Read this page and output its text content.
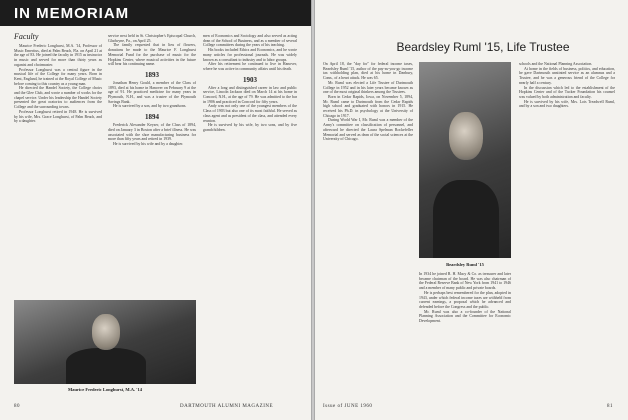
IN MEMORIAM
Faculty

Maurice Frederic Longhurst, M.A. '14, Professor of Music Emeritus, died at Palm Beach, Fla. on April 21 at the age of 83. He joined the faculty in 1915 as instructor in music and served for more than thirty years as organist and choirmaster.

Professor Longhurst was a central figure in the musical life of the College for many years. Born in Kent, England, he trained at the Royal College of Music before coming to this country as a young man.

He directed the Handel Society, the College choirs and the Glee Club, and wrote a number of works for the chapel service. Under his leadership the Handel Society presented the great oratorios to audiences from the College and the surrounding towns.

Professor Longhurst retired in 1948. He is survived by his wife, Mrs. Grace Longhurst, of Palm Beach, and by a daughter.

service next held in St. Christopher's Episcopal Church, Gladwyne, Pa., on April 25.

The family requested that in lieu of flowers, donations be made to the Maurice F. Longhurst Memorial Fund for the purchase of music for the Hopkins Center, where musical activities in the future will bear his continuing name.

1893

Jonathan Henry Gould, a member of the Class of 1893, died at his home in Hanover on February 9 at the age of 91. He practiced medicine for many years in Plymouth, N.H., and was a trustee of the Plymouth Savings Bank.

He is survived by a son, and by two grandsons.

1894

Frederick Alexander Keyser, of the Class of 1894, died on January 3 in Boston after a brief illness. He was associated with the shoe manufacturing business for more than fifty years and retired in 1939.

He is survived by his wife and by a daughter.

men of Economics and Sociology and also served as acting dean of the School of Business, and as a member of several College committees during the years of his teaching.

His books included Ethics and Economics, and he wrote many articles for professional journals. He was widely known as a consultant to industry and to labor groups.

After his retirement he continued to live in Hanover, where he was active in community affairs until his death.

1903

After a long and distinguished career in law and public service, Lincoln Jackson died on March 14 at his home in Concord, N.H., at the age of 79. He was admitted to the bar in 1906 and practiced in Concord for fifty years.

Andy was not only one of the youngest members of the Class of 1903 but also one of its most faithful. He served as class agent and as president of the class, and attended every reunion.

He is survived by his wife, by two sons, and by five grandchildren.

Maurice Frederic Longhurst, M.A. '14
80	DARTMOUTH ALUMNI MAGAZINE
Beardsley Ruml '15, Life Trustee

On April 18, the "day for" for federal income taxes, Beardsley Ruml '15, author of the pay-as-you-go income tax withholding plan, died at his home in Danbury, Conn., of a heart attack. He was 65.

Mr. Ruml was elected a Life Trustee of Dartmouth College in 1952 and in his later years became known as one of the most original thinkers among the Trustees.

Born in Cedar Rapids, Iowa, on November 5, 1894, Mr. Ruml came to Dartmouth from the Cedar Rapids high school and graduated with honors in 1915. He received his Ph.D. in psychology at the University of Chicago in 1917.

During World War I, Mr. Ruml was a member of the Army's committee on classification of personnel, and afterward he directed the Laura Spelman Rockefeller Memorial and served as dean of the social sciences at the University of Chicago.

Beardsley Ruml '15

In 1934 he joined R. H. Macy & Co. as treasurer and later became chairman of the board. He was also chairman of the Federal Reserve Bank of New York from 1941 to 1946 and a member of many public and private boards.

He is perhaps best remembered for the plan, adopted in 1943, under which federal income taxes are withheld from current earnings, a proposal which he advanced and defended before the Congress and the public.

Mr. Ruml was also a co-founder of the National Planning Association and the Committee for Economic Development.

schools and the National Planning Association.

At home in the fields of business, politics, and education, he gave Dartmouth unstinted service as an alumnus and a Trustee, and he was a generous friend of the College for nearly half a century.

In the discussion which led to the establishment of the Hopkins Center and of the Tucker Foundation his counsel was valued by both administration and faculty.

He is survived by his wife, Mrs. Lois Treadwell Ruml, and by a son and two daughters.

Issue of JUNE 1960	81
